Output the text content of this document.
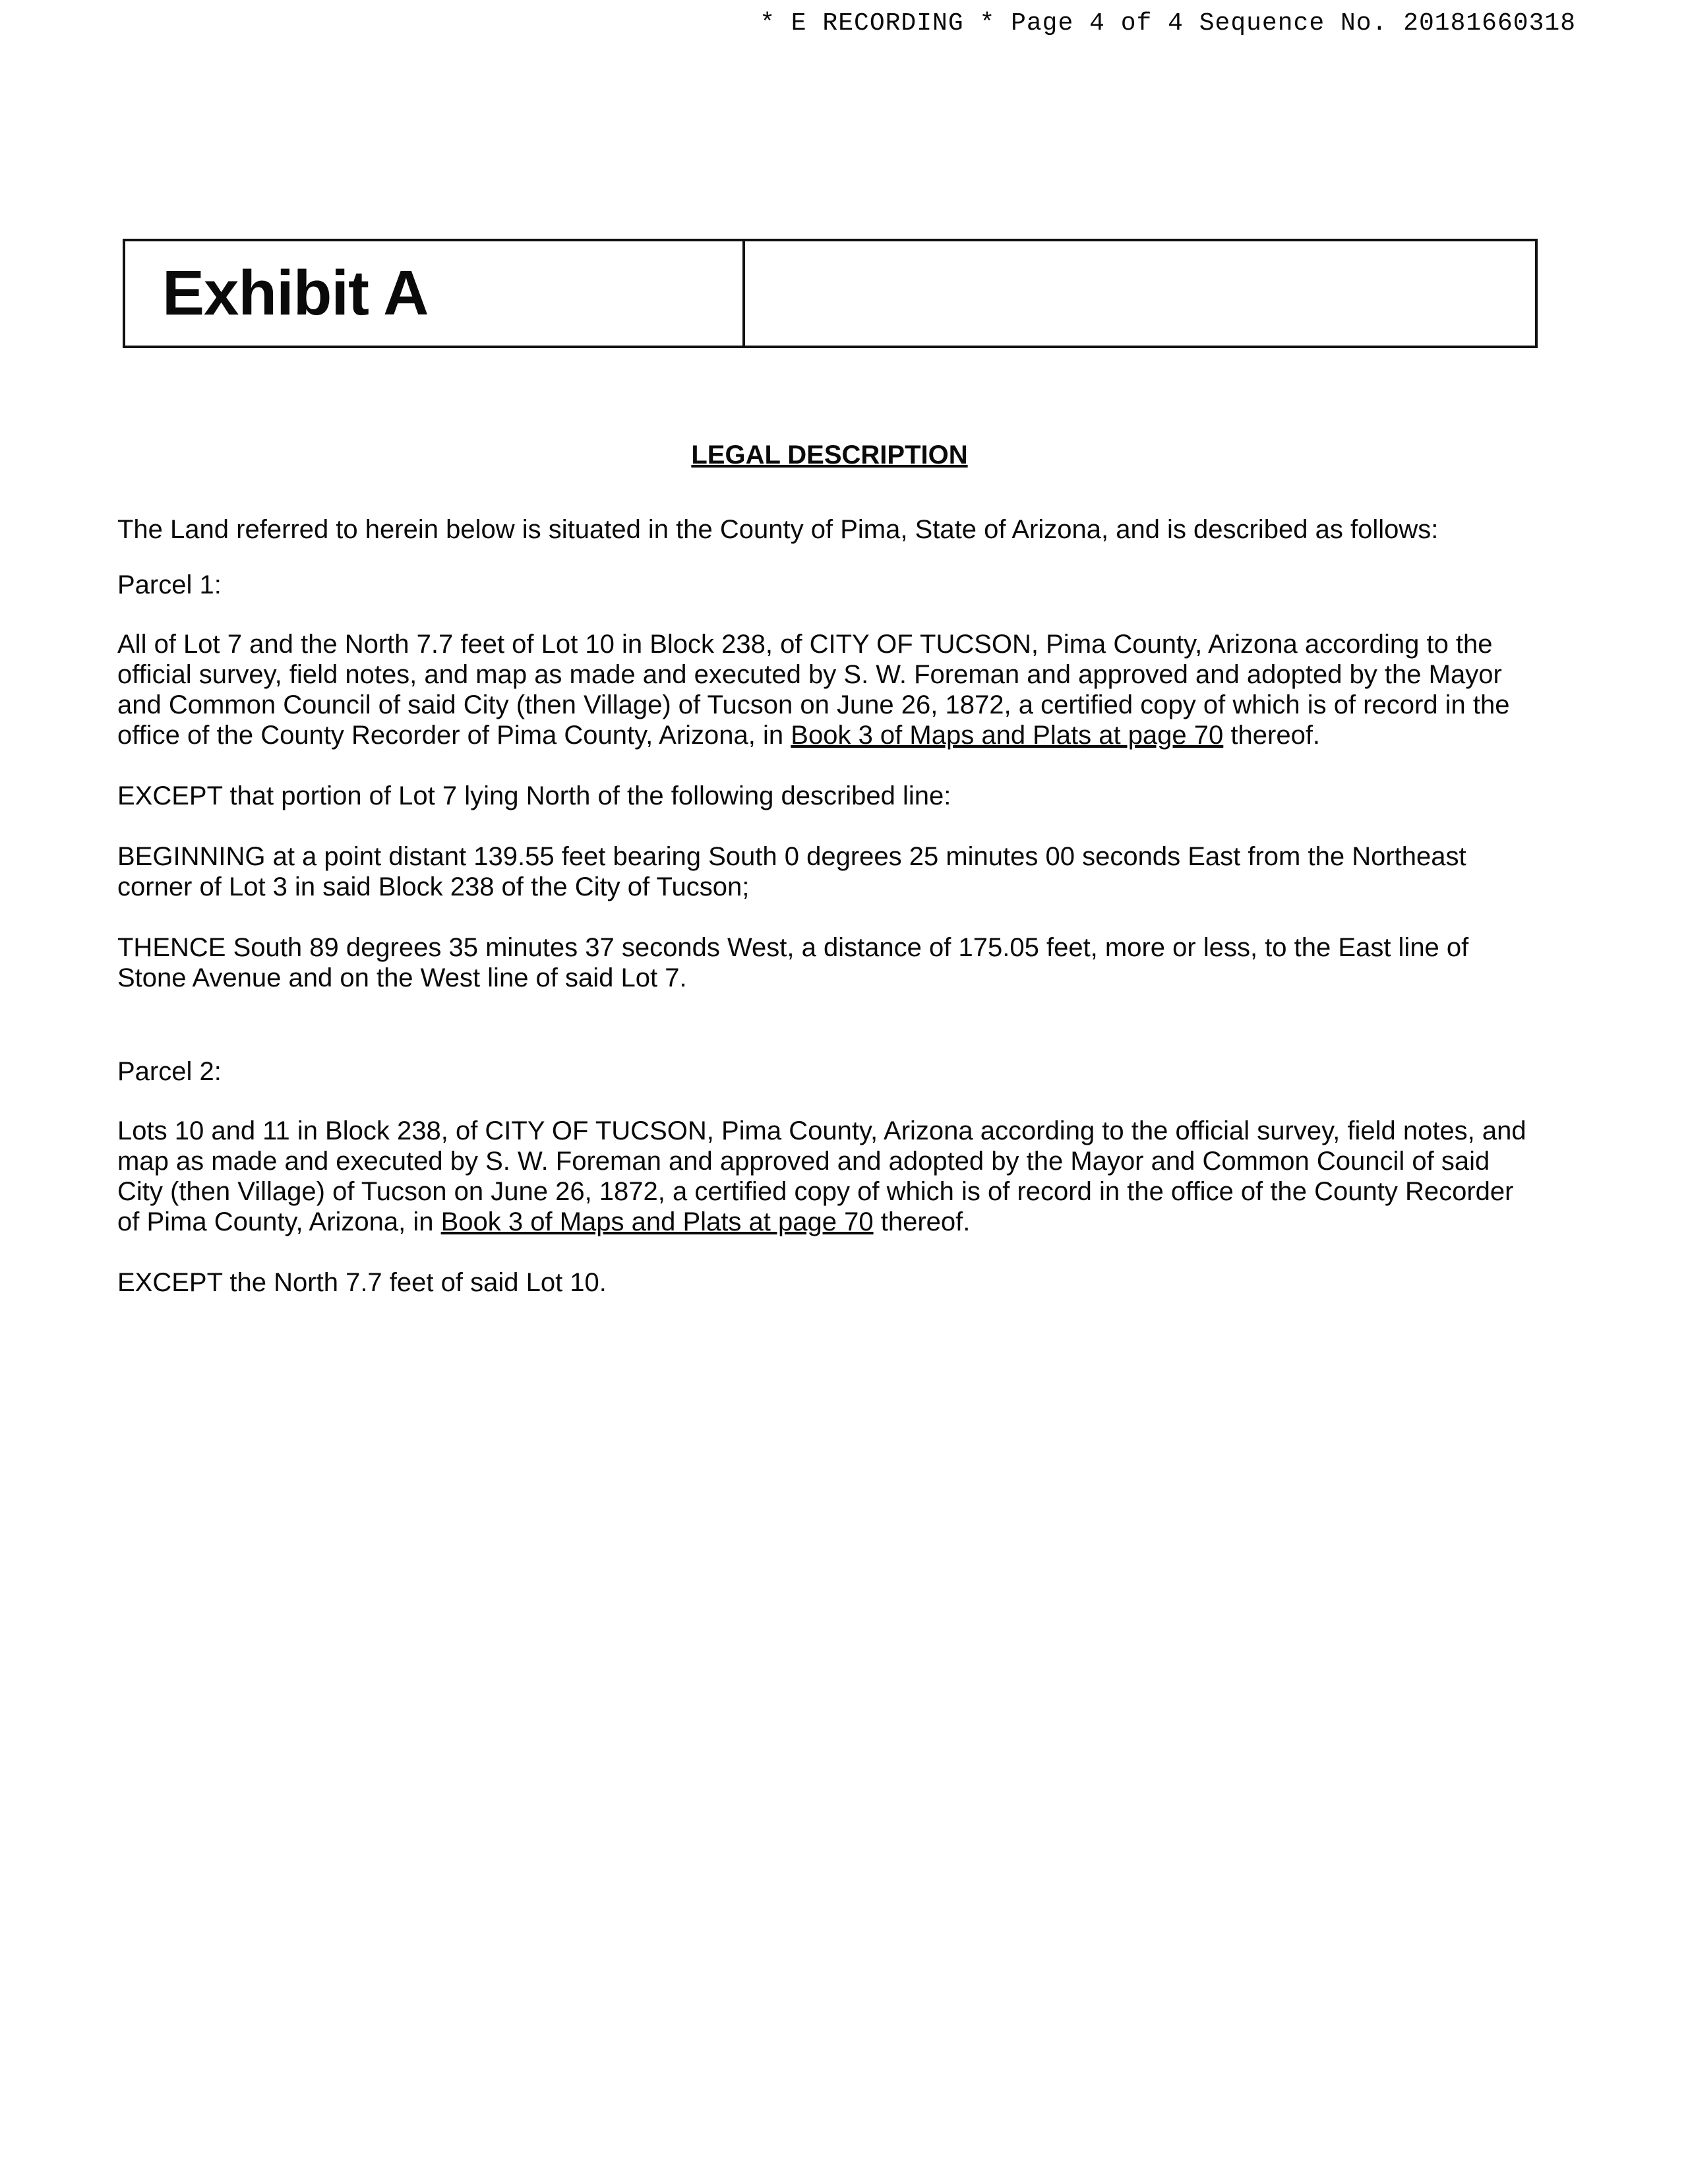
* E RECORDING * Page 4 of 4 Sequence No. 20181660318
Exhibit A
LEGAL DESCRIPTION

The Land referred to herein below is situated in the County of Pima, State of Arizona, and is described as follows:

Parcel 1:

All of Lot 7 and the North 7.7 feet of Lot 10 in Block 238, of CITY OF TUCSON, Pima County, Arizona according to the official survey, field notes, and map as made and executed by S. W. Foreman and approved and adopted by the Mayor and Common Council of said City (then Village) of Tucson on June 26, 1872, a certified copy of which is of record in the office of the County Recorder of Pima County, Arizona, in Book 3 of Maps and Plats at page 70 thereof.

EXCEPT that portion of Lot 7 lying North of the following described line:

BEGINNING at a point distant 139.55 feet bearing South 0 degrees 25 minutes 00 seconds East from the Northeast corner of Lot 3 in said Block 238 of the City of Tucson;

THENCE South 89 degrees 35 minutes 37 seconds West, a distance of 175.05 feet, more or less, to the East line of Stone Avenue and on the West line of said Lot 7.

Parcel 2:

Lots 10 and 11 in Block 238, of CITY OF TUCSON, Pima County, Arizona according to the official survey, field notes, and map as made and executed by S. W. Foreman and approved and adopted by the Mayor and Common Council of said City (then Village) of Tucson on June 26, 1872, a certified copy of which is of record in the office of the County Recorder of Pima County, Arizona, in Book 3 of Maps and Plats at page 70 thereof.

EXCEPT the North 7.7 feet of said Lot 10.
